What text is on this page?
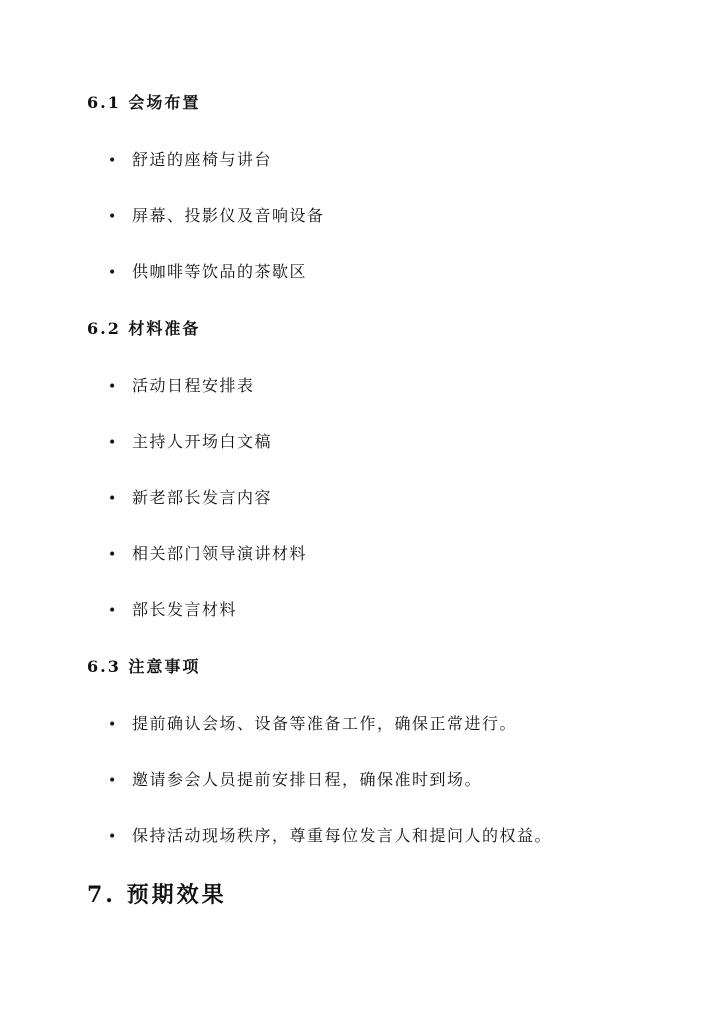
6.1 会场布置
• 舒适的座椅与讲台
• 屏幕、投影仪及音响设备
• 供咖啡等饮品的茶歇区
6.2 材料准备
• 活动日程安排表
• 主持人开场白文稿
• 新老部长发言内容
• 相关部门领导演讲材料
• 部长发言材料
6.3 注意事项
• 提前确认会场、设备等准备工作，确保正常进行。
• 邀请参会人员提前安排日程，确保准时到场。
• 保持活动现场秩序，尊重每位发言人和提问人的权益。
7. 预期效果
